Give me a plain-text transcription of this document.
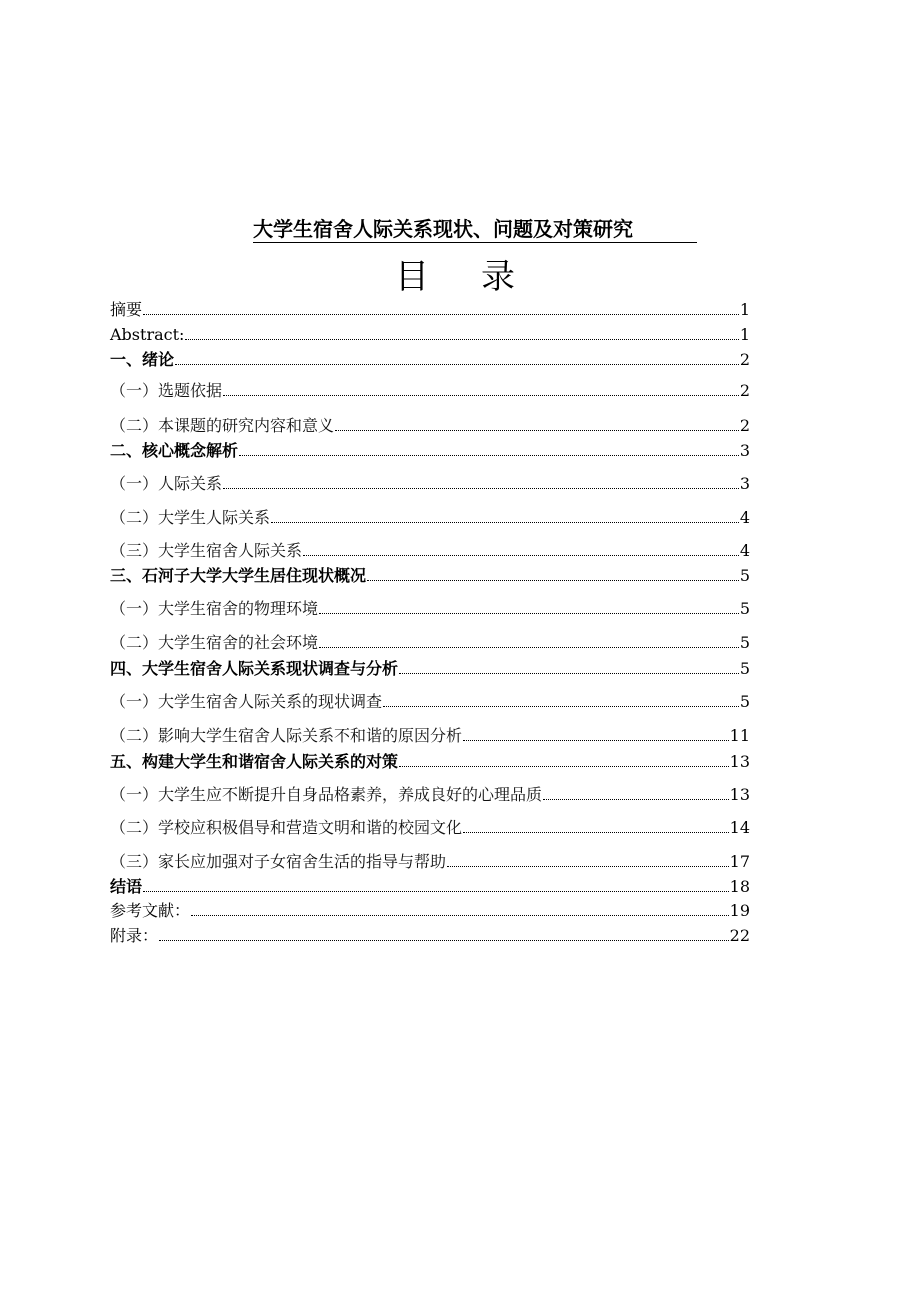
大学生宿舍人际关系现状、问题及对策研究
目 录
摘要	1
Abstract:	1
一、绪论	2
（一）选题依据	2
（二）本课题的研究内容和意义	2
二、核心概念解析	3
（一）人际关系	3
（二）大学生人际关系	4
（三）大学生宿舍人际关系	4
三、石河子大学大学生居住现状概况	5
（一）大学生宿舍的物理环境	5
（二）大学生宿舍的社会环境	5
四、大学生宿舍人际关系现状调查与分析	5
（一）大学生宿舍人际关系的现状调查	5
（二）影响大学生宿舍人际关系不和谐的原因分析	11
五、构建大学生和谐宿舍人际关系的对策	13
（一）大学生应不断提升自身品格素养，养成良好的心理品质	13
（二）学校应积极倡导和营造文明和谐的校园文化	14
（三）家长应加强对子女宿舍生活的指导与帮助	17
结语	18
参考文献：	19
附录：	22
